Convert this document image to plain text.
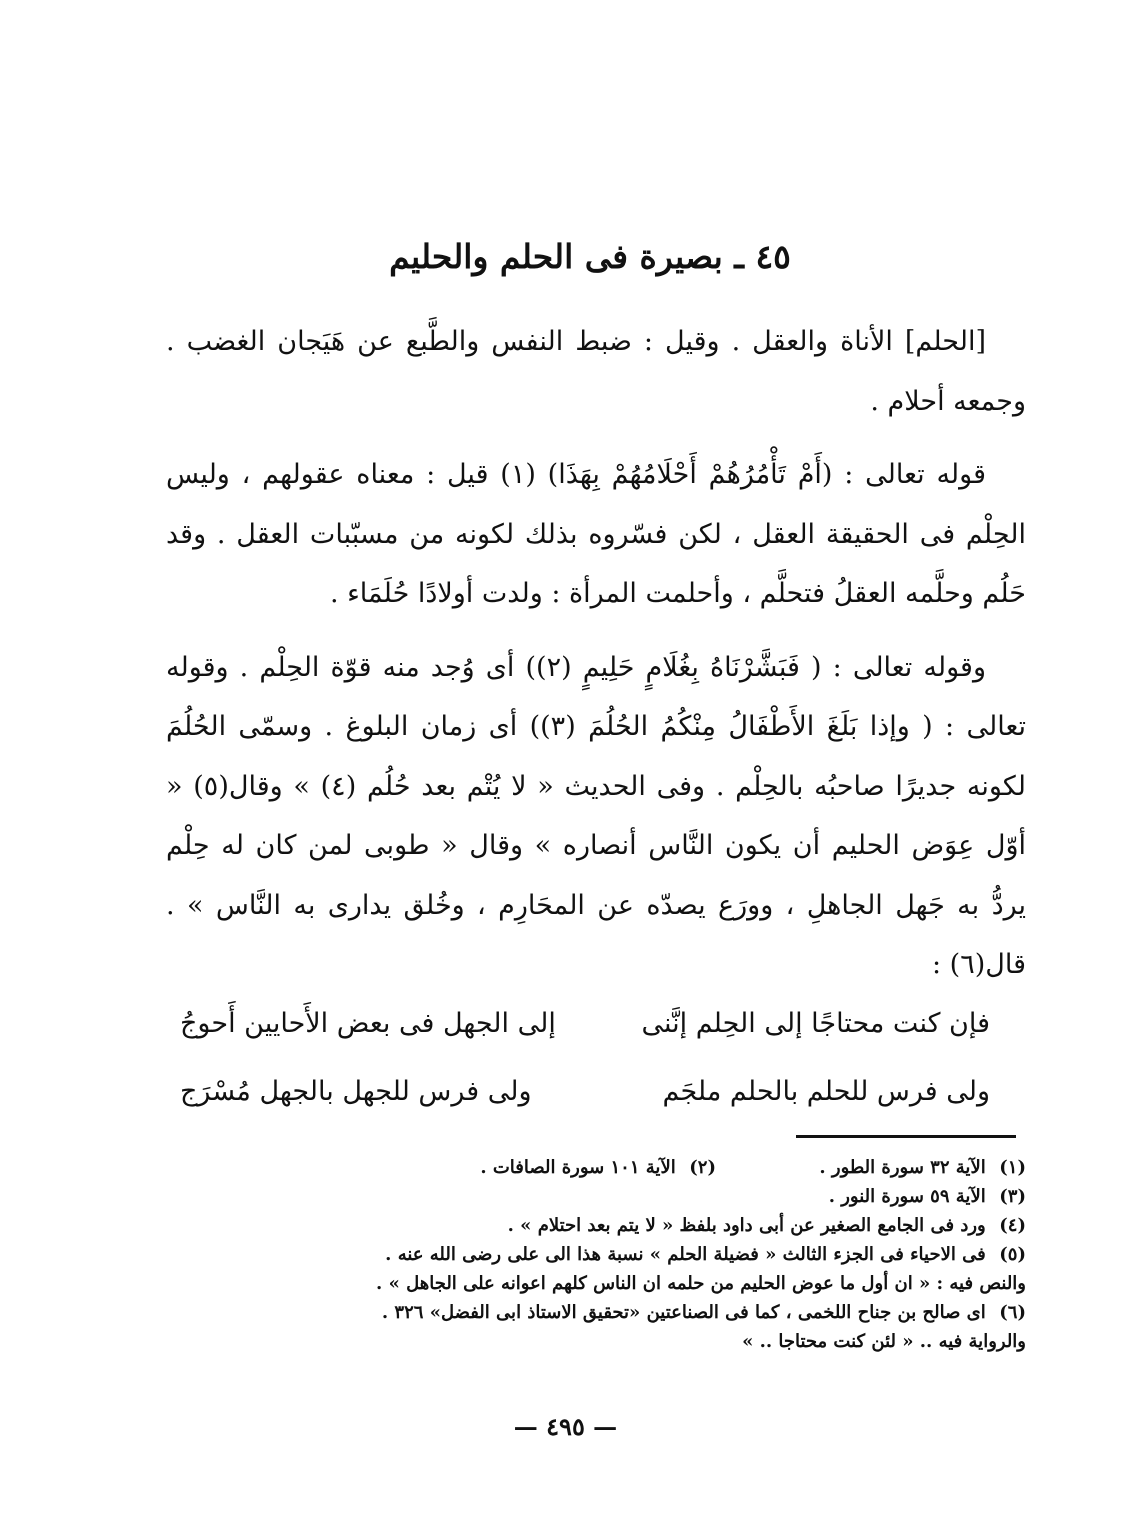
٤٥ ـ بصيرة فى الحلم والحليم

[الحلم] الأناة والعقل . وقيل : ضبط النفس والطَّبع عن هَيَجان الغضب . وجمعه أحلام .

قوله تعالى : (أَمْ تَأْمُرُهُمْ أَحْلَامُهُمْ بِهَذَا) (١) قيل : معناه عقولهم ، وليس الحِلْم فى الحقيقة العقل ، لكن فسّروه بذلك لكونه من مسبّبات العقل . وقد حَلُم وحلَّمه العقلُ فتحلَّم ، وأحلمت المرأة : ولدت أولادًا حُلَمَاء .

وقوله تعالى : ( فَبَشَّرْنَاهُ بِغُلَامٍ حَلِيمٍ (٢)) أى وُجد منه قوّة الحِلْم . وقوله تعالى : ( وإذا بَلَغَ الأَطْفَالُ مِنْكُمُ الحُلُمَ (٣)) أى زمان البلوغ . وسمّى الحُلُمَ لكونه جديرًا صاحبُه بالحِلْم . وفى الحديث « لا يُتْم بعد حُلُم (٤) » وقال(٥) « أوّل عِوَض الحليم أن يكون النَّاس أنصاره » وقال « طوبى لمن كان له حِلْم يردُّ به جَهل الجاهلِ ، وورَع يصدّه عن المحَارِم ، وخُلق يدارى به النَّاس » . قال(٦) :

فإن كنت محتاجًا إلى الحِلم إنَّنى
إلى الجهل فى بعض الأَحايين أَحوجُ
ولى فرس للحلم بالحلم ملجَم
ولى فرس للجهل بالجهل مُسْرَج
(١) الآية ٣٢ سورة الطور .
(٢) الآية ١٠١ سورة الصافات .
(٣) الآية ٥٩ سورة النور .
(٤) ورد فى الجامع الصغير عن أبى داود بلفظ « لا يتم بعد احتلام » .
(٥) فى الاحياء فى الجزء الثالث « فضيلة الحلم » نسبة هذا الى على رضى الله عنه .
والنص فيه : « ان أول ما عوض الحليم من حلمه ان الناس كلهم اعوانه على الجاهل » .
(٦) اى صالح بن جناح اللخمى ، كما فى الصناعتين «تحقيق الاستاذ ابى الفضل» ٣٢٦ .
والرواية فيه .. « لئن كنت محتاجا .. »
— ٤٩٥ —
